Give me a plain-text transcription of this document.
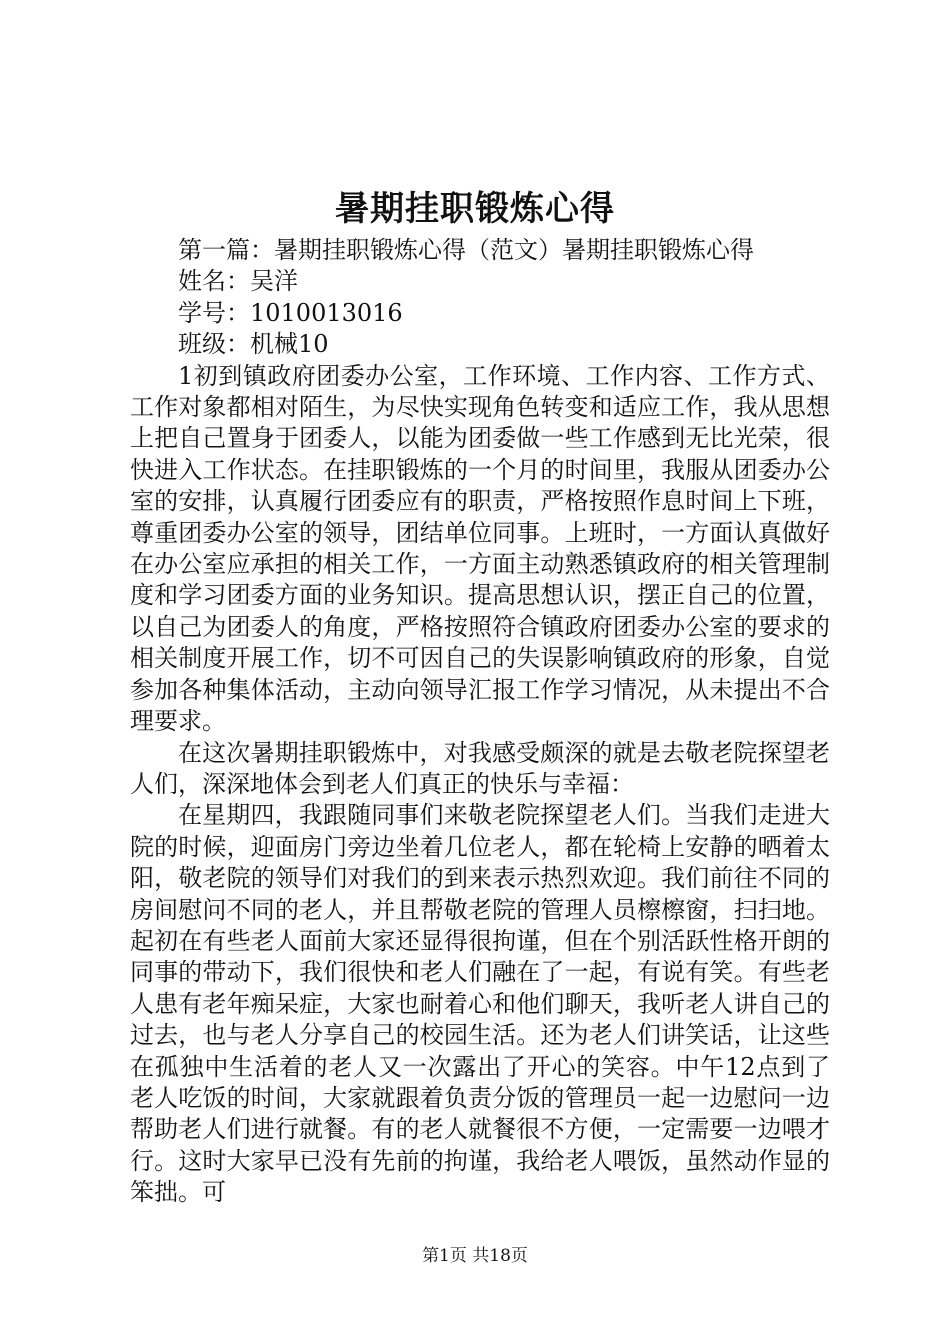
暑期挂职锻炼心得

第一篇：暑期挂职锻炼心得（范文）暑期挂职锻炼心得

姓名：吴洋

学号：1010013016

班级：机械10

1初到镇政府团委办公室，工作环境、工作内容、工作方式、工作对象都相对陌生，为尽快实现角色转变和适应工作，我从思想上把自己置身于团委人，以能为团委做一些工作感到无比光荣，很快进入工作状态。在挂职锻炼的一个月的时间里，我服从团委办公室的安排，认真履行团委应有的职责，严格按照作息时间上下班，尊重团委办公室的领导，团结单位同事。上班时，一方面认真做好在办公室应承担的相关工作，一方面主动熟悉镇政府的相关管理制度和学习团委方面的业务知识。提高思想认识，摆正自己的位置，以自己为团委人的角度，严格按照符合镇政府团委办公室的要求的相关制度开展工作，切不可因自己的失误影响镇政府的形象，自觉参加各种集体活动，主动向领导汇报工作学习情况，从未提出不合理要求。

在这次暑期挂职锻炼中，对我感受颇深的就是去敬老院探望老人们，深深地体会到老人们真正的快乐与幸福：

在星期四，我跟随同事们来敬老院探望老人们。当我们走进大院的时候，迎面房门旁边坐着几位老人，都在轮椅上安静的晒着太阳，敬老院的领导们对我们的到来表示热烈欢迎。我们前往不同的房间慰问不同的老人，并且帮敬老院的管理人员檫檫窗，扫扫地。起初在有些老人面前大家还显得很拘谨，但在个别活跃性格开朗的同事的带动下，我们很快和老人们融在了一起，有说有笑。有些老人患有老年痴呆症，大家也耐着心和他们聊天，我听老人讲自己的过去，也与老人分享自己的校园生活。还为老人们讲笑话，让这些在孤独中生活着的老人又一次露出了开心的笑容。中午12点到了老人吃饭的时间，大家就跟着负责分饭的管理员一起一边慰问一边帮助老人们进行就餐。有的老人就餐很不方便，一定需要一边喂才行。这时大家早已没有先前的拘谨，我给老人喂饭，虽然动作显的笨拙。可

第1页 共18页
